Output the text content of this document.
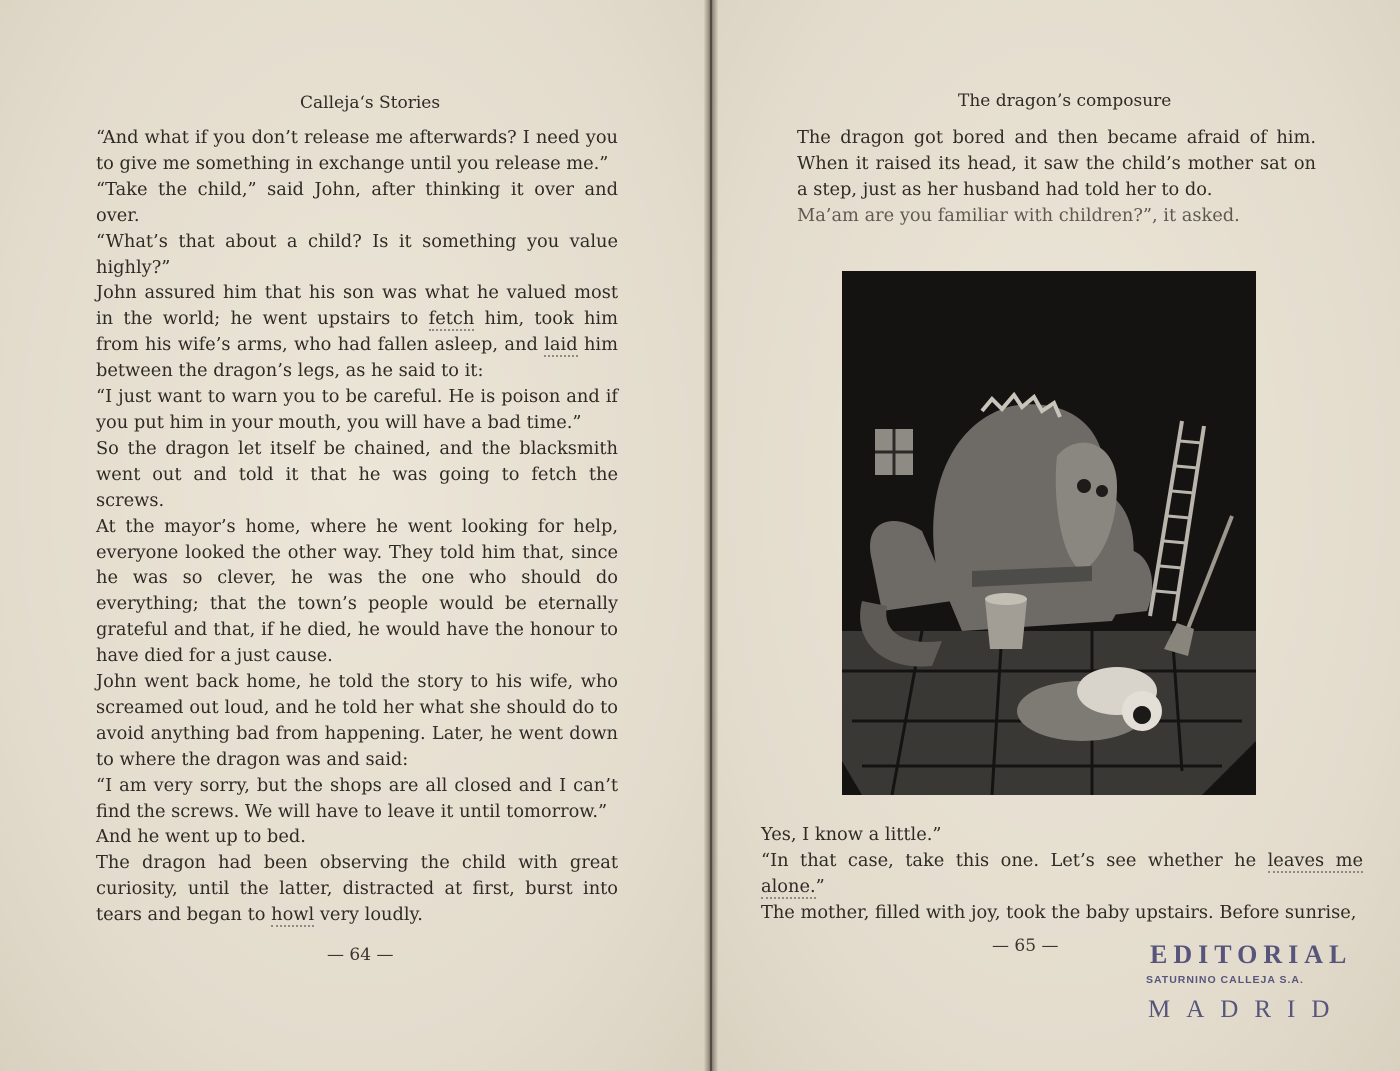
Calleja‘s Stories	The dragon’s composure

“And what if you don’t release me afterwards? I need you to give me something in exchange until you release me.”

“Take the child,” said John, after thinking it over and over.

“What’s that about a child? Is it something you value highly?”

John assured him that his son was what he valued most in the world; he went upstairs to fetch him, took him from his wife’s arms, who had fallen asleep, and laid him between the dragon’s legs, as he said to it:

“I just want to warn you to be careful. He is poison and if you put him in your mouth, you will have a bad time.”

So the dragon let itself be chained, and the blacksmith went out and told it that he was going to fetch the screws.

At the mayor’s home, where he went looking for help, everyone looked the other way. They told him that, since he was so clever, he was the one who should do everything; that the town’s people would be eternally grateful and that, if he died, he would have the honour to have died for a just cause.

John went back home, he told the story to his wife, who screamed out loud, and he told her what she should do to avoid anything bad from happening. Later, he went down to where the dragon was and said:

“I am very sorry, but the shops are all closed and I can’t find the screws. We will have to leave it until tomorrow.”

And he went up to bed.

The dragon had been observing the child with great curiosity, until the latter, distracted at first, burst into tears and began to howl very loudly.

— 64 —

The dragon got bored and then became afraid of him. When it raised its head, it saw the child’s mother sat on a step, just as her husband had told her to do.

Ma’am are you familiar with children?”, it asked.

Yes, I know a little.”

“In that case, take this one. Let’s see whether he leaves me alone.”

The mother, filled with joy, took the baby upstairs. Before sunrise,

— 65 —	EDITORIAL
SATURNINO CALLEJA S.A.
MADRID
